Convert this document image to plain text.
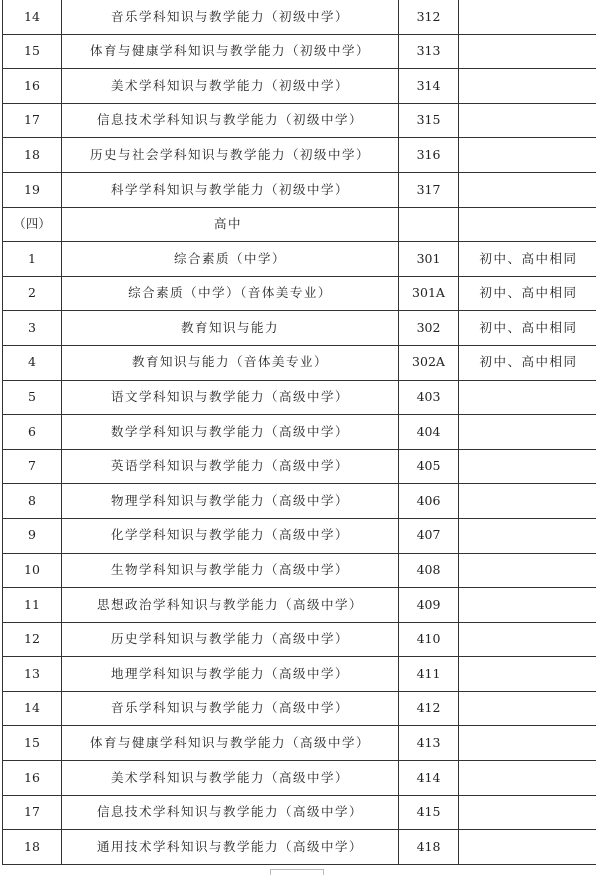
14	音乐学科知识与教学能力（初级中学）	312	
15	体育与健康学科知识与教学能力（初级中学）	313	
16	美术学科知识与教学能力（初级中学）	314	
17	信息技术学科知识与教学能力（初级中学）	315	
18	历史与社会学科知识与教学能力（初级中学）	316	
19	科学学科知识与教学能力（初级中学）	317	
（四）	高中		
1	综合素质（中学）	301	初中、高中相同
2	综合素质（中学）（音体美专业）	301A	初中、高中相同
3	教育知识与能力	302	初中、高中相同
4	教育知识与能力（音体美专业）	302A	初中、高中相同
5	语文学科知识与教学能力（高级中学）	403	
6	数学学科知识与教学能力（高级中学）	404	
7	英语学科知识与教学能力（高级中学）	405	
8	物理学科知识与教学能力（高级中学）	406	
9	化学学科知识与教学能力（高级中学）	407	
10	生物学科知识与教学能力（高级中学）	408	
11	思想政治学科知识与教学能力（高级中学）	409	
12	历史学科知识与教学能力（高级中学）	410	
13	地理学科知识与教学能力（高级中学）	411	
14	音乐学科知识与教学能力（高级中学）	412	
15	体育与健康学科知识与教学能力（高级中学）	413	
16	美术学科知识与教学能力（高级中学）	414	
17	信息技术学科知识与教学能力（高级中学）	415	
18	通用技术学科知识与教学能力（高级中学）	418	
